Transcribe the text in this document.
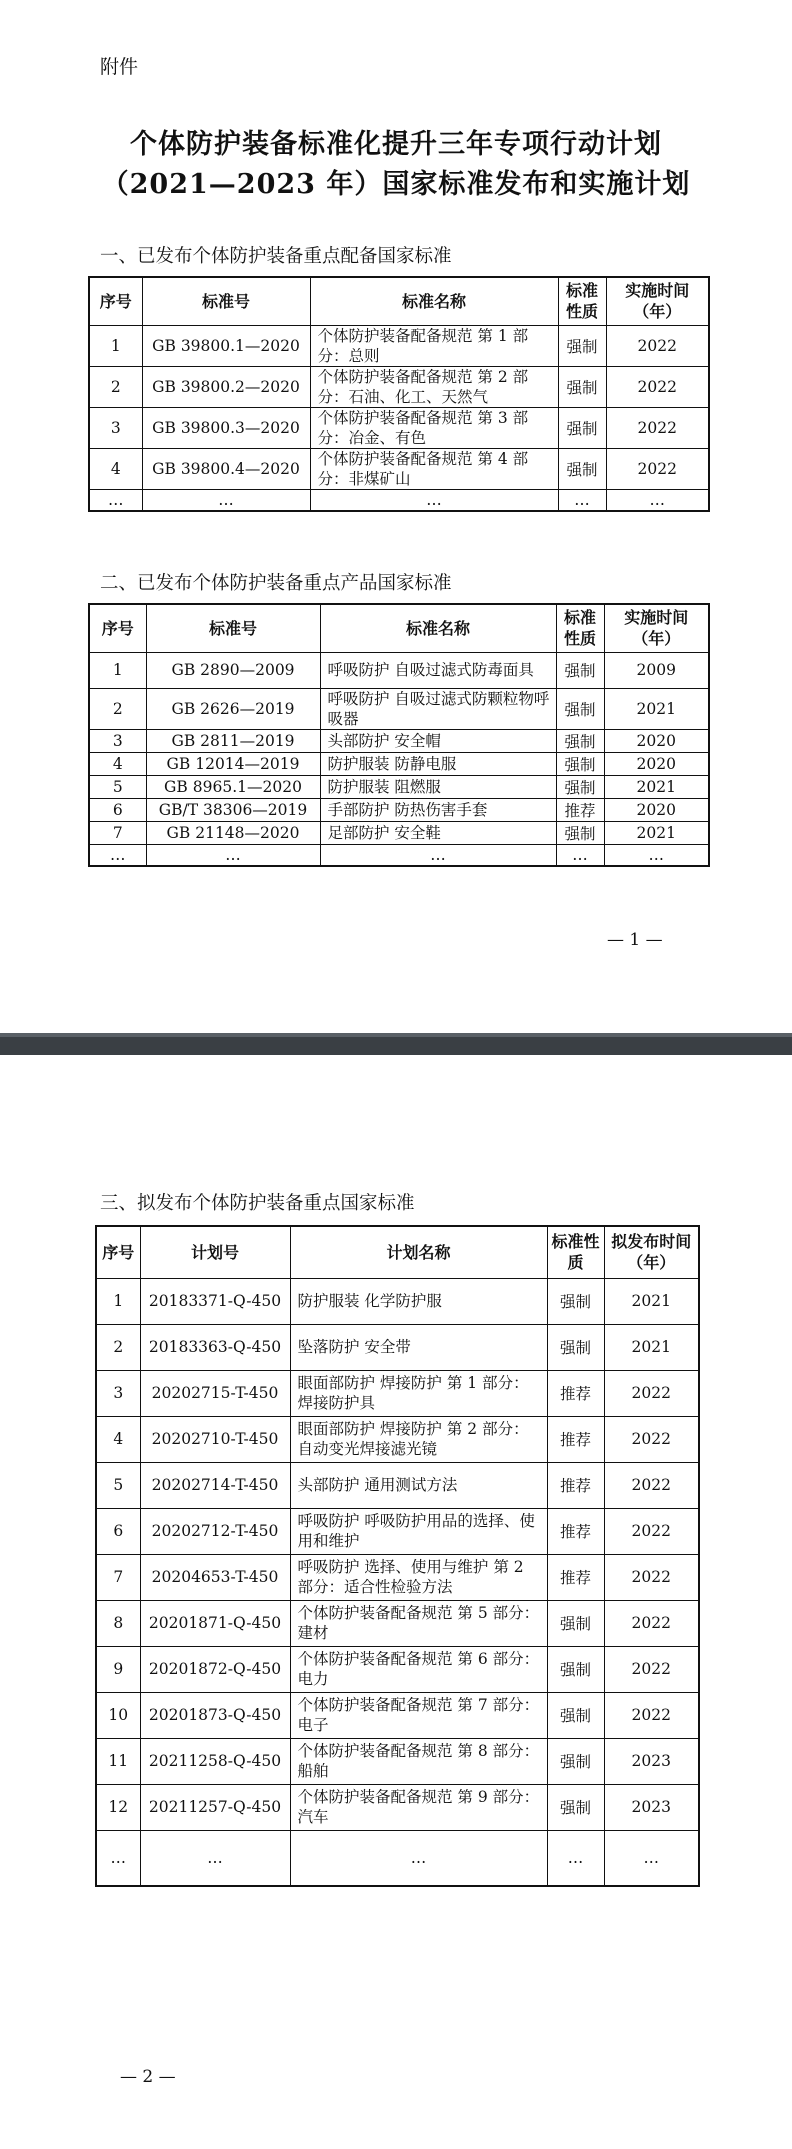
附件
个体防护装备标准化提升三年专项行动计划
（2021—2023 年）国家标准发布和实施计划
一、已发布个体防护装备重点配备国家标准
序号	标准号	标准名称	标准性质	实施时间（年）
1	GB 39800.1—2020	个体防护装备配备规范 第 1 部分：总则	强制	2022
2	GB 39800.2—2020	个体防护装备配备规范 第 2 部分：石油、化工、天然气	强制	2022
3	GB 39800.3—2020	个体防护装备配备规范 第 3 部分：冶金、有色	强制	2022
4	GB 39800.4—2020	个体防护装备配备规范 第 4 部分：非煤矿山	强制	2022
…	…	…	…	…
二、已发布个体防护装备重点产品国家标准
序号	标准号	标准名称	标准性质	实施时间（年）
1	GB 2890—2009	呼吸防护 自吸过滤式防毒面具	强制	2009
2	GB 2626—2019	呼吸防护 自吸过滤式防颗粒物呼吸器	强制	2021
3	GB 2811—2019	头部防护 安全帽	强制	2020
4	GB 12014—2019	防护服装 防静电服	强制	2020
5	GB 8965.1—2020	防护服装 阻燃服	强制	2021
6	GB/T 38306—2019	手部防护 防热伤害手套	推荐	2020
7	GB 21148—2020	足部防护 安全鞋	强制	2021
…	…	…	…	…
— 1 —
三、拟发布个体防护装备重点国家标准
序号	计划号	计划名称	标准性质	拟发布时间（年）
1	20183371-Q-450	防护服装 化学防护服	强制	2021
2	20183363-Q-450	坠落防护 安全带	强制	2021
3	20202715-T-450	眼面部防护 焊接防护 第 1 部分：焊接防护具	推荐	2022
4	20202710-T-450	眼面部防护 焊接防护 第 2 部分：自动变光焊接滤光镜	推荐	2022
5	20202714-T-450	头部防护 通用测试方法	推荐	2022
6	20202712-T-450	呼吸防护 呼吸防护用品的选择、使用和维护	推荐	2022
7	20204653-T-450	呼吸防护 选择、使用与维护 第 2 部分：适合性检验方法	推荐	2022
8	20201871-Q-450	个体防护装备配备规范 第 5 部分：建材	强制	2022
9	20201872-Q-450	个体防护装备配备规范 第 6 部分：电力	强制	2022
10	20201873-Q-450	个体防护装备配备规范 第 7 部分：电子	强制	2022
11	20211258-Q-450	个体防护装备配备规范 第 8 部分：船舶	强制	2023
12	20211257-Q-450	个体防护装备配备规范 第 9 部分：汽车	强制	2023
…	…	…	…	…
— 2 —
